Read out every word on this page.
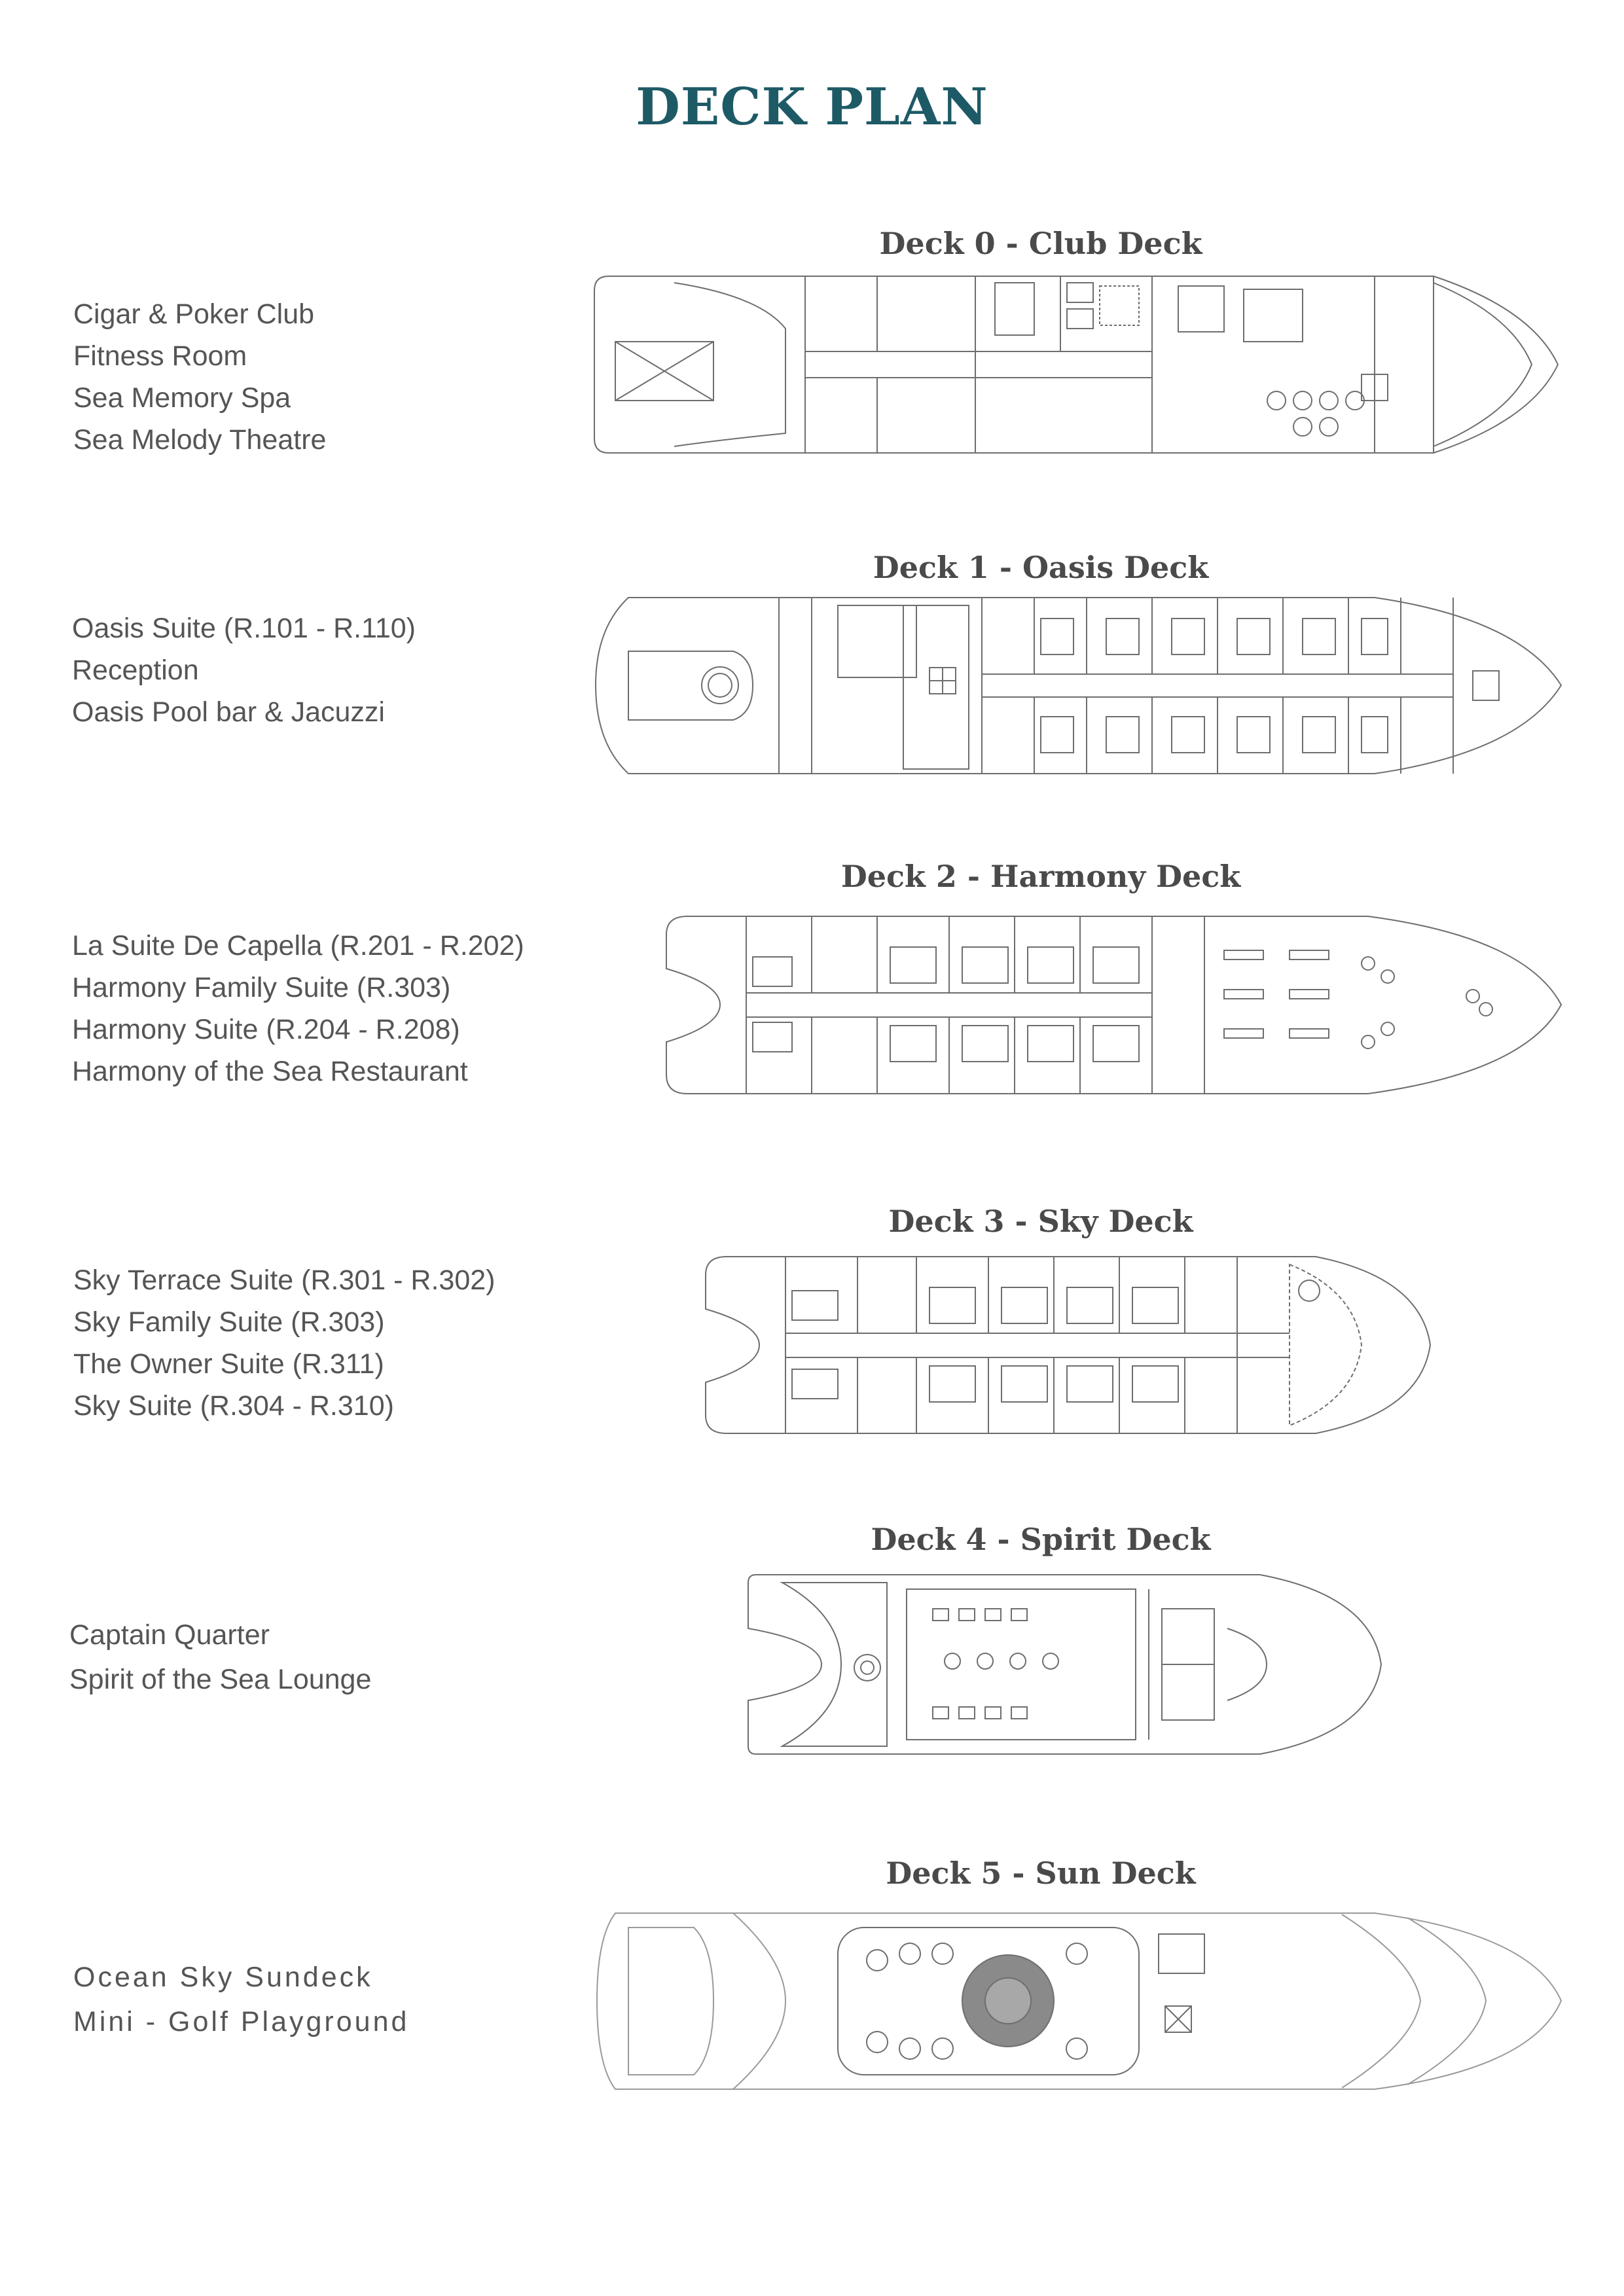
DECK PLAN
Deck 0 - Club Deck
Cigar & Poker Club
Fitness Room
Sea Memory Spa
Sea Melody Theatre
Deck 1 - Oasis Deck
Oasis Suite (R.101 - R.110)
Reception
Oasis Pool bar & Jacuzzi
Deck 2 - Harmony Deck
La Suite De Capella (R.201 - R.202)
Harmony Family Suite (R.303)
Harmony Suite (R.204 - R.208)
Harmony of the Sea Restaurant
Deck 3 - Sky Deck
Sky Terrace Suite (R.301 - R.302)
Sky Family Suite (R.303)
The Owner Suite (R.311)
Sky Suite (R.304 - R.310)
Deck 4 - Spirit Deck
Captain Quarter
Spirit of the Sea Lounge
Deck 5 - Sun Deck
Ocean Sky Sundeck
Mini - Golf Playground
